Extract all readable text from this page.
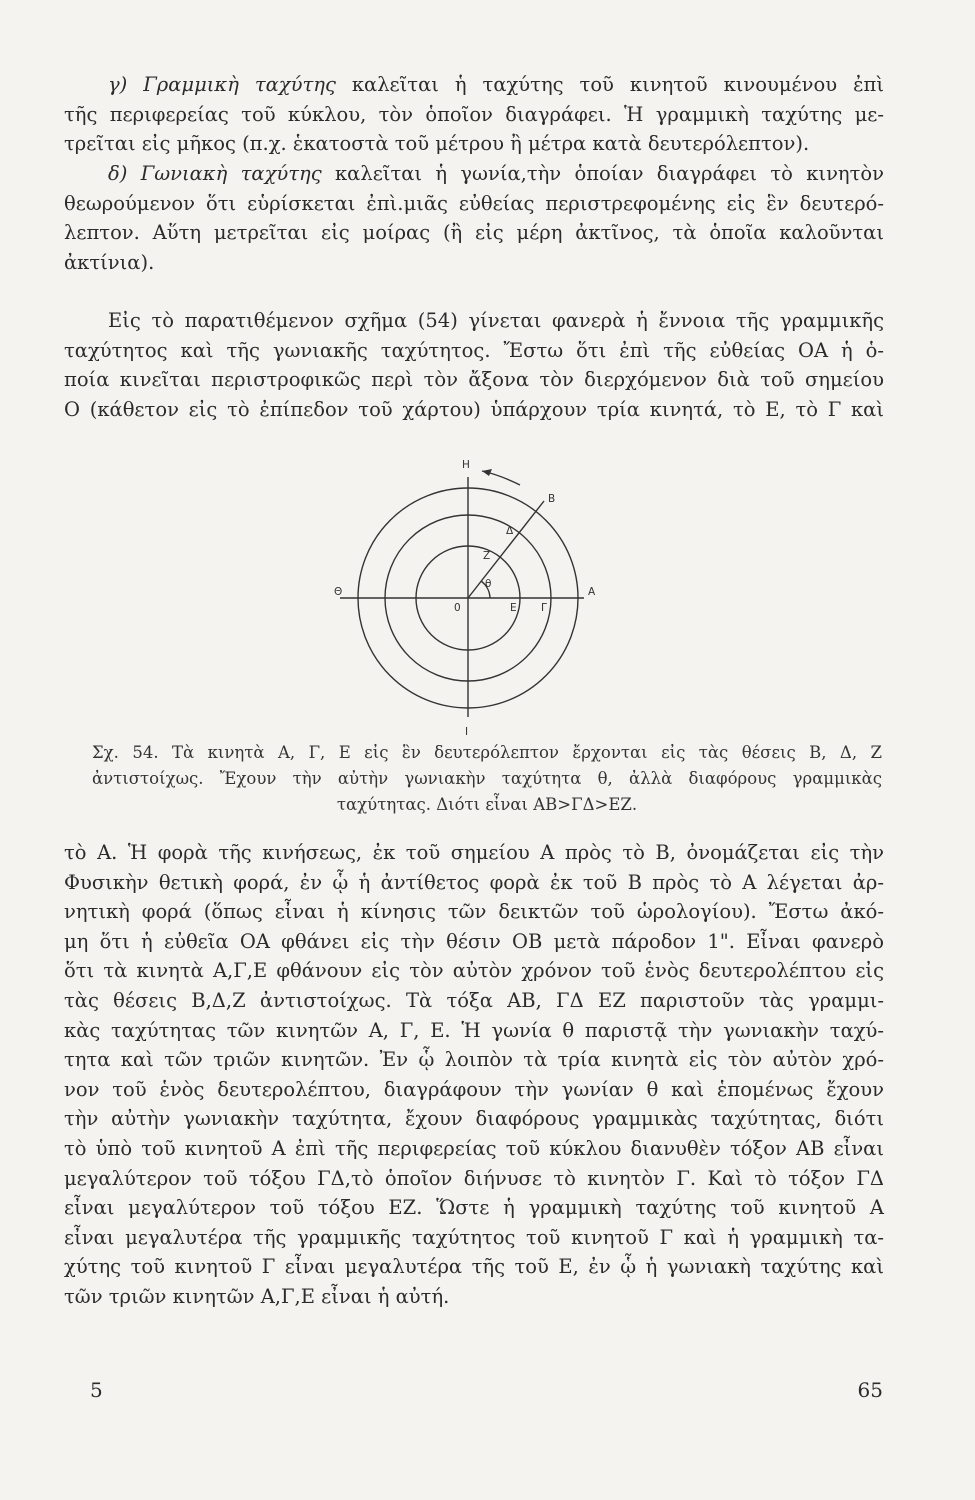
γ) Γραμμικὴ ταχύτης καλεῖται ἡ ταχύτης τοῦ κινητοῦ κινουμένου ἐπὶ
τῆς περιφερείας τοῦ κύκλου, τὸν ὁποῖον διαγράφει. Ἡ γραμμικὴ ταχύτης με-
τρεῖται εἰς μῆκος (π.χ. ἑκατοστὰ τοῦ μέτρου ἢ μέτρα κατὰ δευτερόλεπτον).
δ) Γωνιακὴ ταχύτης καλεῖται ἡ γωνία,τὴν ὁποίαν διαγράφει τὸ κινητὸν
θεωρούμενον ὅτι εὑρίσκεται ἐπὶ.μιᾶς εὐθείας περιστρεφομένης εἰς ἓν δευτερό-
λεπτον. Αὕτη μετρεῖται εἰς μοίρας (ἢ εἰς μέρη ἀκτῖνος, τὰ ὁποῖα καλοῦνται
ἀκτίνια).
Εἰς τὸ παρατιθέμενον σχῆμα (54) γίνεται φανερὰ ἡ ἔννοια τῆς γραμμικῆς
ταχύτητος καὶ τῆς γωνιακῆς ταχύτητος. Ἔστω ὅτι ἐπὶ τῆς εὐθείας ΟΑ ἡ ὁ-
ποία κινεῖται περιστροφικῶς περὶ τὸν ἄξονα τὸν διερχόμενον διὰ τοῦ σημείου
Ο (κάθετον εἰς τὸ ἐπίπεδον τοῦ χάρτου) ὑπάρχουν τρία κινητά, τὸ Ε, τὸ Γ καὶ
Η
Β
Δ
Ζ
θ
Θ
0	Ε Γ
Α
Ι
Σχ. 54. Τὰ κινητὰ Α, Γ, Ε εἰς ἓν δευτερόλεπτον ἔρχονται εἰς τὰς θέσεις Β, Δ, Ζ
ἀντιστοίχως. Ἔχουν τὴν αὐτὴν γωνιακὴν ταχύτητα θ, ἀλλὰ διαφόρους γραμμικὰς
ταχύτητας. Διότι εἶναι ΑΒ>ΓΔ>ΕΖ.
τὸ Α. Ἡ φορὰ τῆς κινήσεως, ἐκ τοῦ σημείου Α πρὸς τὸ Β, ὀνομάζεται εἰς τὴν
Φυσικὴν θετικὴ φορά, ἐν ᾧ ἡ ἀντίθετος φορὰ ἐκ τοῦ Β πρὸς τὸ Α λέγεται ἀρ-
νητικὴ φορά (ὅπως εἶναι ἡ κίνησις τῶν δεικτῶν τοῦ ὡρολογίου). Ἔστω ἀκό-
μη ὅτι ἡ εὐθεῖα ΟΑ φθάνει εἰς τὴν θέσιν ΟΒ μετὰ πάροδον 1". Εἶναι φανερὸ
ὅτι τὰ κινητὰ Α,Γ,Ε φθάνουν εἰς τὸν αὐτὸν χρόνον τοῦ ἑνὸς δευτερολέπτου εἰς
τὰς θέσεις Β,Δ,Ζ ἀντιστοίχως. Τὰ τόξα ΑΒ, ΓΔ ΕΖ παριστοῦν τὰς γραμμι-
κὰς ταχύτητας τῶν κινητῶν Α, Γ, Ε. Ἡ γωνία θ παριστᾷ τὴν γωνιακὴν ταχύ-
τητα καὶ τῶν τριῶν κινητῶν. Ἐν ᾧ λοιπὸν τὰ τρία κινητὰ εἰς τὸν αὐτὸν χρό-
νον τοῦ ἑνὸς δευτερολέπτου, διαγράφουν τὴν γωνίαν θ καὶ ἑπομένως ἔχουν
τὴν αὐτὴν γωνιακὴν ταχύτητα, ἔχουν διαφόρους γραμμικὰς ταχύτητας, διότι
τὸ ὑπὸ τοῦ κινητοῦ Α ἐπὶ τῆς περιφερείας τοῦ κύκλου διανυθὲν τόξον ΑΒ εἶναι
μεγαλύτερον τοῦ τόξου ΓΔ,τὸ ὁποῖον διήνυσε τὸ κινητὸν Γ. Καὶ τὸ τόξον ΓΔ
εἶναι μεγαλύτερον τοῦ τόξου ΕΖ. Ὥστε ἡ γραμμικὴ ταχύτης τοῦ κινητοῦ Α
εἶναι μεγαλυτέρα τῆς γραμμικῆς ταχύτητος τοῦ κινητοῦ Γ καὶ ἡ γραμμικὴ τα-
χύτης τοῦ κινητοῦ Γ εἶναι μεγαλυτέρα τῆς τοῦ Ε, ἐν ᾧ ἡ γωνιακὴ ταχύτης καὶ
τῶν τριῶν κινητῶν Α,Γ,Ε εἶναι ἡ αὐτή.
5	65
